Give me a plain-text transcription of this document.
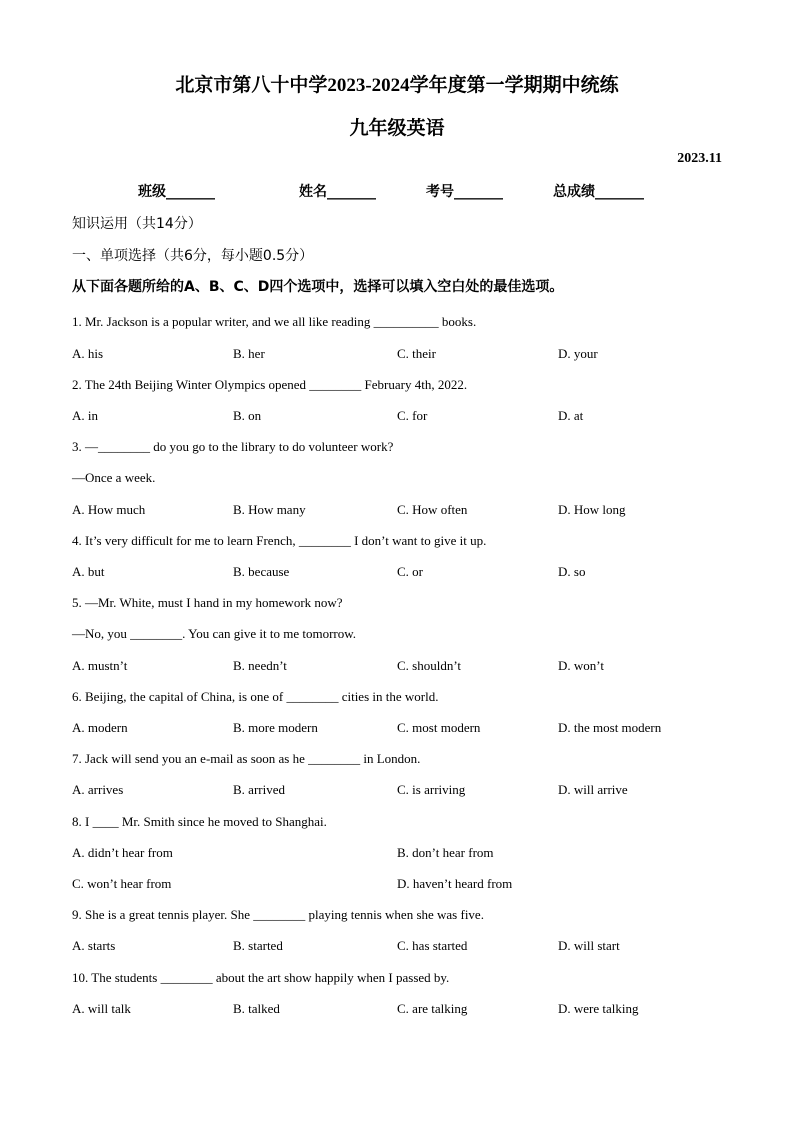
北京市第八十中学2023-2024学年度第一学期期中统练
九年级英语
2023.11
班级_______	姓名_______	考号_______	总成绩_______
知识运用（共14分）
一、单项选择（共6分，每小题0.5分）
从下面各题所给的A、B、C、D四个选项中，选择可以填入空白处的最佳选项。
1. Mr. Jackson is a popular writer, and we all like reading __________ books.
A. his	B. her	C. their	D. your
2. The 24th Beijing Winter Olympics opened ________ February 4th, 2022.
A. in	B. on	C. for	D. at
3. —________ do you go to the library to do volunteer work?
—Once a week.
A. How much	B. How many	C. How often	D. How long
4. It’s very difficult for me to learn French, ________ I don’t want to give it up.
A. but	B. because	C. or	D. so
5. —Mr. White, must I hand in my homework now?
—No, you ________. You can give it to me tomorrow.
A. mustn’t	B. needn’t	C. shouldn’t	D. won’t
6. Beijing, the capital of China, is one of ________ cities in the world.
A. modern	B. more modern	C. most modern	D. the most modern
7. Jack will send you an e-mail as soon as he ________ in London.
A. arrives	B. arrived	C. is arriving	D. will arrive
8. I ____ Mr. Smith since he moved to Shanghai.
A. didn’t hear from	B. don’t hear from
C. won’t hear from	D. haven’t heard from
9. She is a great tennis player. She ________ playing tennis when she was five.
A. starts	B. started	C. has started	D. will start
10. The students ________ about the art show happily when I passed by.
A. will talk	B. talked	C. are talking	D. were talking
